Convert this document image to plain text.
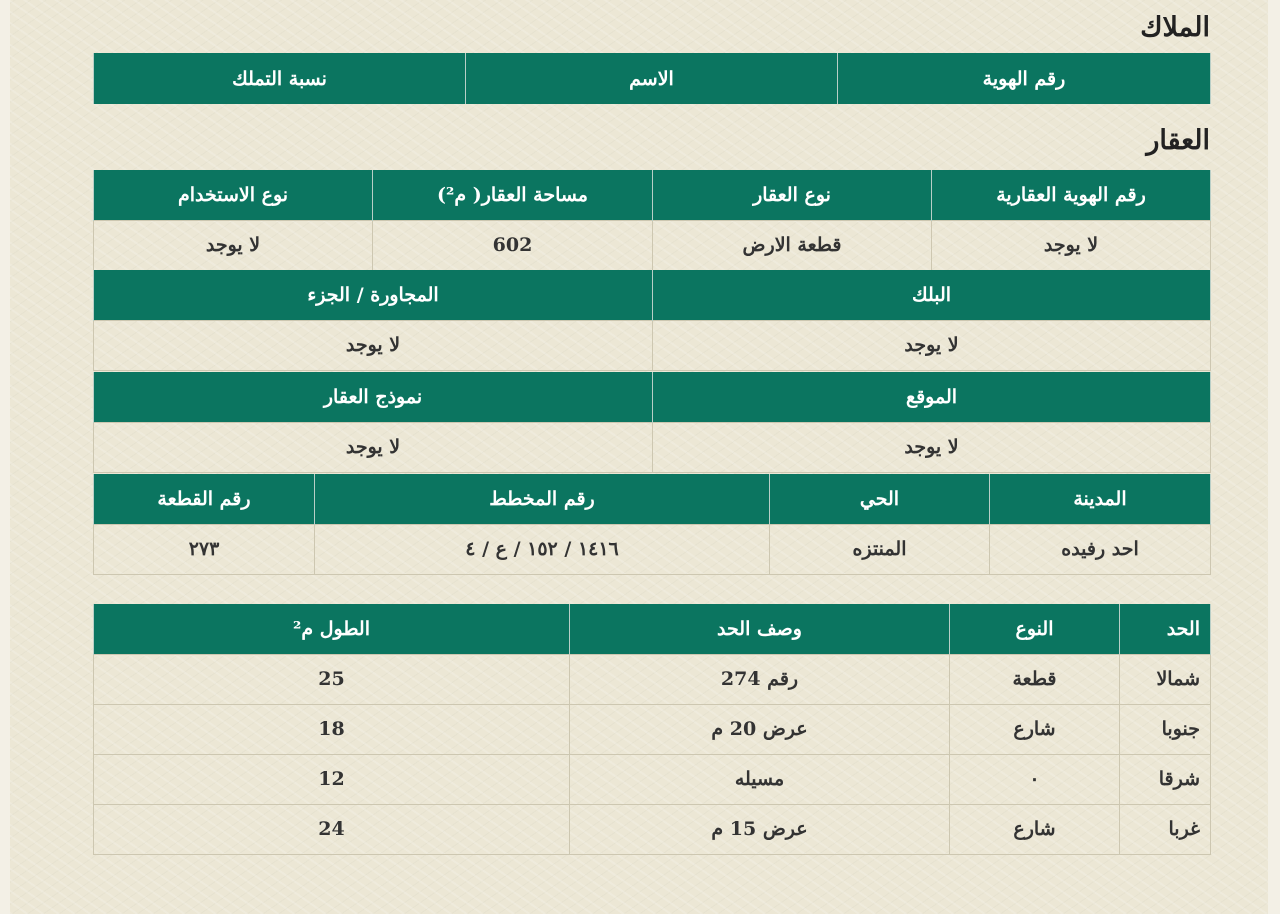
الملاك
رقم الهوية	الاسم	نسبة التملك
العقار
رقم الهوية العقارية	نوع العقار	مساحة العقار( م²)	نوع الاستخدام
لا يوجد	قطعة الارض	602	لا يوجد
البلك	المجاورة / الجزء
لا يوجد	لا يوجد
الموقع	نموذج العقار
لا يوجد	لا يوجد
المدينة	الحي	رقم المخطط	رقم القطعة
احد رفيده	المنتزه	١٤١٦ / ١٥٢ / ع / ٤	٢٧٣
الحد	النوع	وصف الحد	الطول م²
شمالا	قطعة	رقم 274	25
جنوبا	شارع	عرض 20 م	18
شرقا	٠	مسيله	12
غربا	شارع	عرض 15 م	24
